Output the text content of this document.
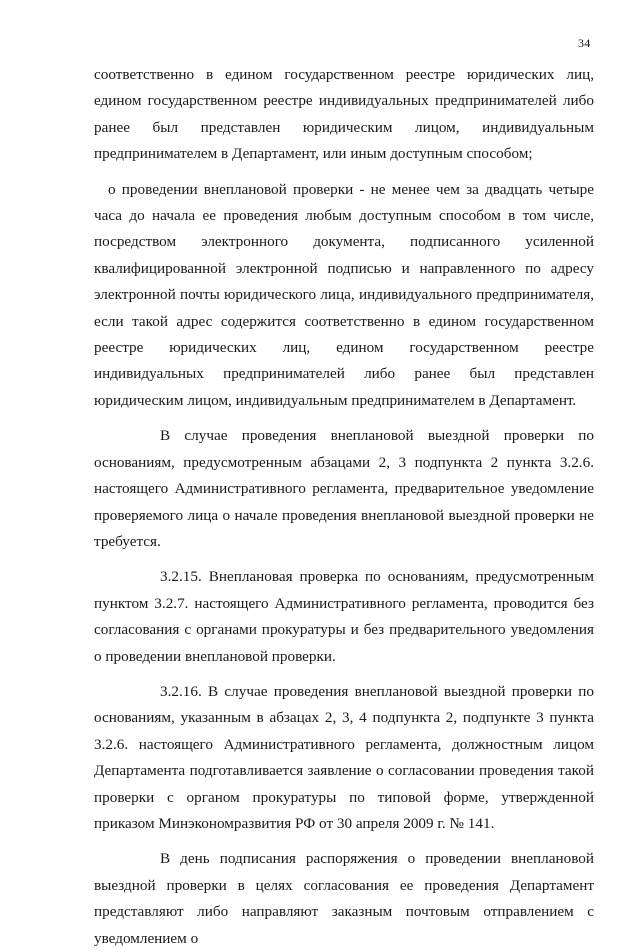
34

соответственно в едином государственном реестре юридических лиц, едином государственном реестре индивидуальных предпринимателей либо ранее был представлен юридическим лицом, индивидуальным предпринимателем в Департамент, или иным доступным способом;

о проведении внеплановой проверки - не менее чем за двадцать четыре часа до начала ее проведения любым доступным способом в том числе, посредством электронного документа, подписанного усиленной квалифицированной электронной подписью и направленного по адресу электронной почты юридического лица, индивидуального предпринимателя, если такой адрес содержится соответственно в едином государственном реестре юридических лиц, едином государственном реестре индивидуальных предпринимателей либо ранее был представлен юридическим лицом, индивидуальным предпринимателем в Департамент.

В случае проведения внеплановой выездной проверки по основаниям, предусмотренным абзацами 2, 3 подпункта 2 пункта 3.2.6. настоящего Административного регламента, предварительное уведомление проверяемого лица о начале проведения внеплановой выездной проверки не требуется.

3.2.15. Внеплановая проверка по основаниям, предусмотренным пунктом 3.2.7. настоящего Административного регламента, проводится без согласования с органами прокуратуры и без предварительного уведомления о проведении внеплановой проверки.

3.2.16. В случае проведения внеплановой выездной проверки по основаниям, указанным в абзацах 2, 3, 4 подпункта 2, подпункте 3 пункта 3.2.6. настоящего Административного регламента, должностным лицом Департамента подготавливается заявление о согласовании проведения такой проверки с органом прокуратуры по типовой форме, утвержденной приказом Минэкономразвития РФ от 30 апреля 2009 г. № 141.

В день подписания распоряжения о проведении внеплановой выездной проверки в целях согласования ее проведения Департамент представляют либо направляют заказным почтовым отправлением с уведомлением о
